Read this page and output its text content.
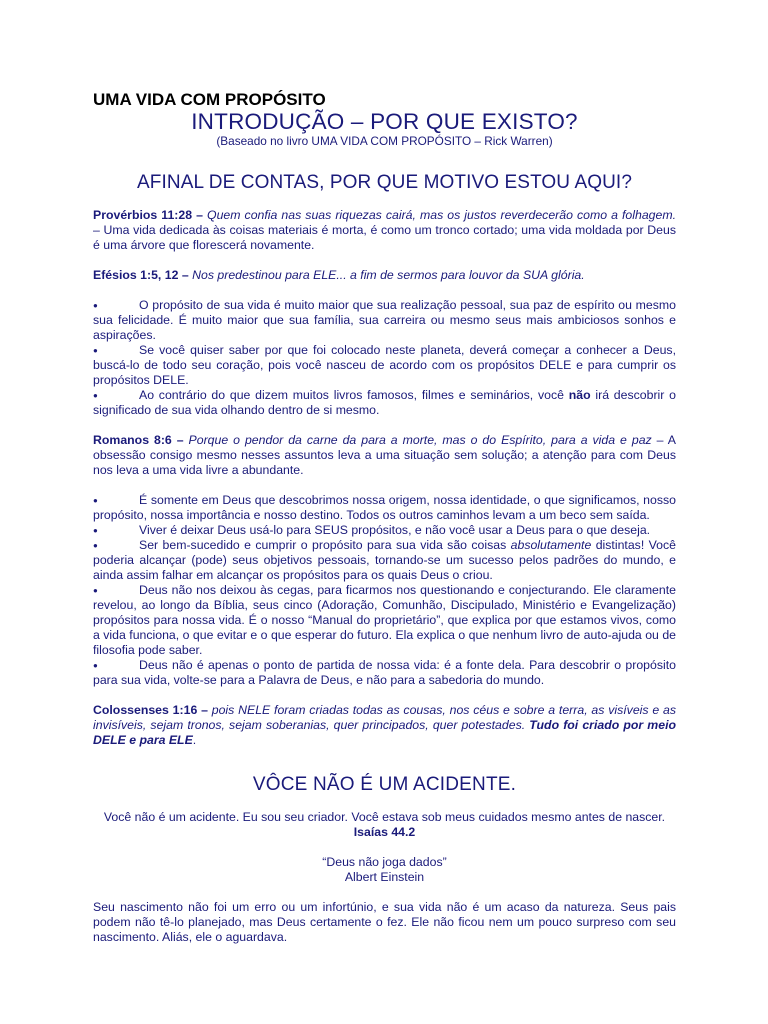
UMA VIDA COM PROPÓSITO
INTRODUÇÃO – POR QUE EXISTO?
(Baseado no livro UMA VIDA COM PROPÓSITO – Rick Warren)
AFINAL DE CONTAS, POR QUE MOTIVO ESTOU AQUI?

Provérbios 11:28 – Quem confia nas suas riquezas cairá, mas os justos reverdecerão como a folhagem. – Uma vida dedicada às coisas materiais é morta, é como um tronco cortado; uma vida moldada por Deus é uma árvore que florescerá novamente.

Efésios 1:5, 12 – Nos predestinou para ELE... a fim de sermos para louvor da SUA glória.

●	O propósito de sua vida é muito maior que sua realização pessoal, sua paz de espírito ou mesmo sua felicidade. É muito maior que sua família, sua carreira ou mesmo seus mais ambiciosos sonhos e aspirações.
●	Se você quiser saber por que foi colocado neste planeta, deverá começar a conhecer a Deus, buscá-lo de todo seu coração, pois você nasceu de acordo com os propósitos DELE e para cumprir os propósitos DELE.
●	Ao contrário do que dizem muitos livros famosos, filmes e seminários, você não irá descobrir o significado de sua vida olhando dentro de si mesmo.

Romanos 8:6 – Porque o pendor da carne da para a morte, mas o do Espírito, para a vida e paz – A obsessão consigo mesmo nesses assuntos leva a uma situação sem solução; a atenção para com Deus nos leva a uma vida livre a abundante.

●	É somente em Deus que descobrimos nossa origem, nossa identidade, o que significamos, nosso propósito, nossa importância e nosso destino. Todos os outros caminhos levam a um beco sem saída.
●	Viver é deixar Deus usá-lo para SEUS propósitos, e não você usar a Deus para o que deseja.
●	Ser bem-sucedido e cumprir o propósito para sua vida são coisas absolutamente distintas! Você poderia alcançar (pode) seus objetivos pessoais, tornando-se um sucesso pelos padrões do mundo, e ainda assim falhar em alcançar os propósitos para os quais Deus o criou.
●	Deus não nos deixou às cegas, para ficarmos nos questionando e conjecturando. Ele claramente revelou, ao longo da Bíblia, seus cinco (Adoração, Comunhão, Discipulado, Ministério e Evangelização) propósitos para nossa vida. É o nosso “Manual do proprietário”, que explica por que estamos vivos, como a vida funciona, o que evitar e o que esperar do futuro. Ela explica o que nenhum livro de auto-ajuda ou de filosofia pode saber.
●	Deus não é apenas o ponto de partida de nossa vida: é a fonte dela. Para descobrir o propósito para sua vida, volte-se para a Palavra de Deus, e não para a sabedoria do mundo.

Colossenses 1:16 – pois NELE foram criadas todas as cousas, nos céus e sobre a terra, as visíveis e as invisíveis, sejam tronos, sejam soberanias, quer principados, quer potestades. Tudo foi criado por meio DELE e para ELE.

VÔCE NÃO É UM ACIDENTE.

Você não é um acidente. Eu sou seu criador. Você estava sob meus cuidados mesmo antes de nascer. Isaías 44.2

“Deus não joga dados”

Albert Einstein

Seu nascimento não foi um erro ou um infortúnio, e sua vida não é um acaso da natureza. Seus pais podem não tê-lo planejado, mas Deus certamente o fez. Ele não ficou nem um pouco surpreso com seu nascimento. Aliás, ele o aguardava.
